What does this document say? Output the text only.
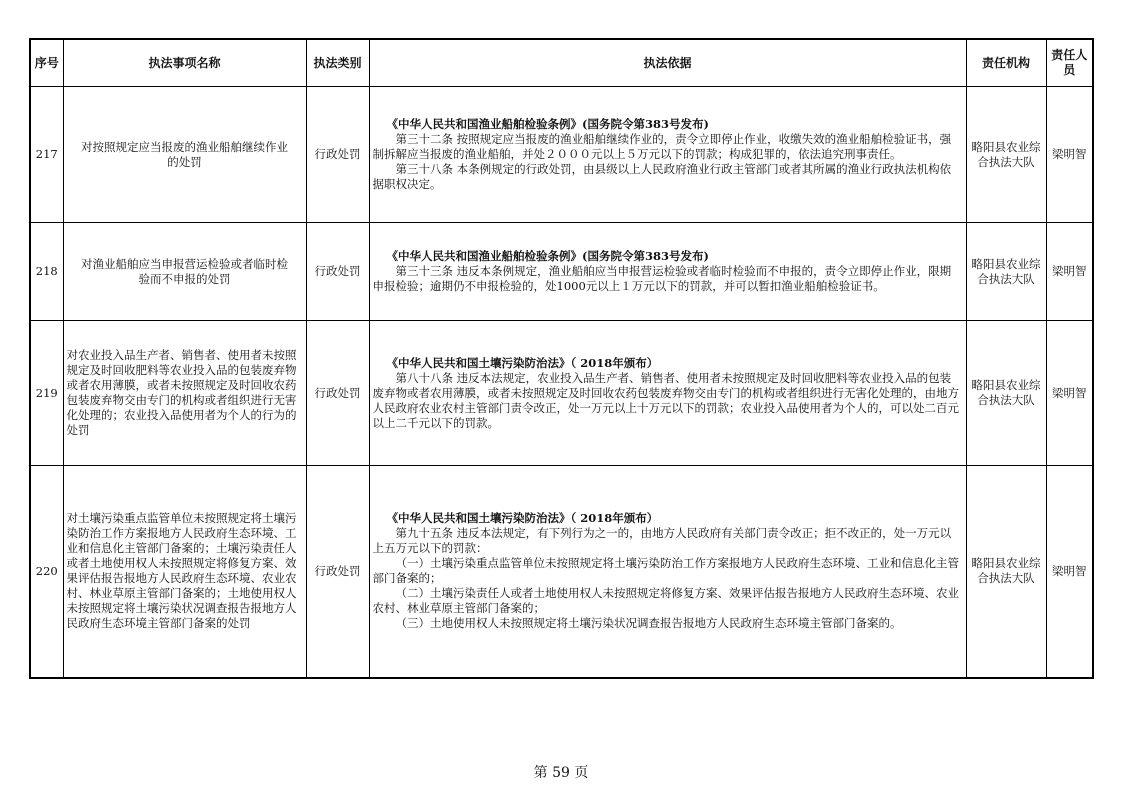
序号	执法事项名称	执法类别	执法依据	责任机构	责任人员
217	对按照规定应当报废的渔业船舶继续作业的处罚	行政处罚	《中华人民共和国渔业船舶检验条例》(国务院令第383号发布)
第三十二条 按照规定应当报废的渔业船舶继续作业的，责令立即停止作业，收缴失效的渔业船舶检验证书，强制拆解应当报废的渔业船舶，并处２０００元以上５万元以下的罚款；构成犯罪的，依法追究刑事责任。
第三十八条 本条例规定的行政处罚，由县级以上人民政府渔业行政主管部门或者其所属的渔业行政执法机构依据职权决定。	略阳县农业综合执法大队	梁明智
218	对渔业船舶应当申报营运检验或者临时检验而不申报的处罚	行政处罚	《中华人民共和国渔业船舶检验条例》(国务院令第383号发布)
第三十三条 违反本条例规定，渔业船舶应当申报营运检验或者临时检验而不申报的，责令立即停止作业，限期申报检验；逾期仍不申报检验的，处1000元以上１万元以下的罚款，并可以暂扣渔业船舶检验证书。	略阳县农业综合执法大队	梁明智
219	对农业投入品生产者、销售者、使用者未按照规定及时回收肥料等农业投入品的包装废弃物或者农用薄膜，或者未按照规定及时回收农药包装废弃物交由专门的机构或者组织进行无害化处理的；农业投入品使用者为个人的行为的处罚	行政处罚	《中华人民共和国土壤污染防治法》（ 2018年颁布）
第八十八条 违反本法规定，农业投入品生产者、销售者、使用者未按照规定及时回收肥料等农业投入品的包装废弃物或者农用薄膜，或者未按照规定及时回收农药包装废弃物交由专门的机构或者组织进行无害化处理的，由地方人民政府农业农村主管部门责令改正，处一万元以上十万元以下的罚款；农业投入品使用者为个人的，可以处二百元以上二千元以下的罚款。	略阳县农业综合执法大队	梁明智
220	对土壤污染重点监管单位未按照规定将土壤污染防治工作方案报地方人民政府生态环境、工业和信息化主管部门备案的；土壤污染责任人或者土地使用权人未按照规定将修复方案、效果评估报告报地方人民政府生态环境、农业农村、林业草原主管部门备案的；土地使用权人未按照规定将土壤污染状况调查报告报地方人民政府生态环境主管部门备案的处罚	行政处罚	《中华人民共和国土壤污染防治法》（ 2018年颁布）
第九十五条 违反本法规定，有下列行为之一的，由地方人民政府有关部门责令改正；拒不改正的，处一万元以上五万元以下的罚款：
（一）土壤污染重点监管单位未按照规定将土壤污染防治工作方案报地方人民政府生态环境、工业和信息化主管部门备案的；
（二）土壤污染责任人或者土地使用权人未按照规定将修复方案、效果评估报告报地方人民政府生态环境、农业农村、林业草原主管部门备案的；
（三）土地使用权人未按照规定将土壤污染状况调查报告报地方人民政府生态环境主管部门备案的。	略阳县农业综合执法大队	梁明智
第 59 页
